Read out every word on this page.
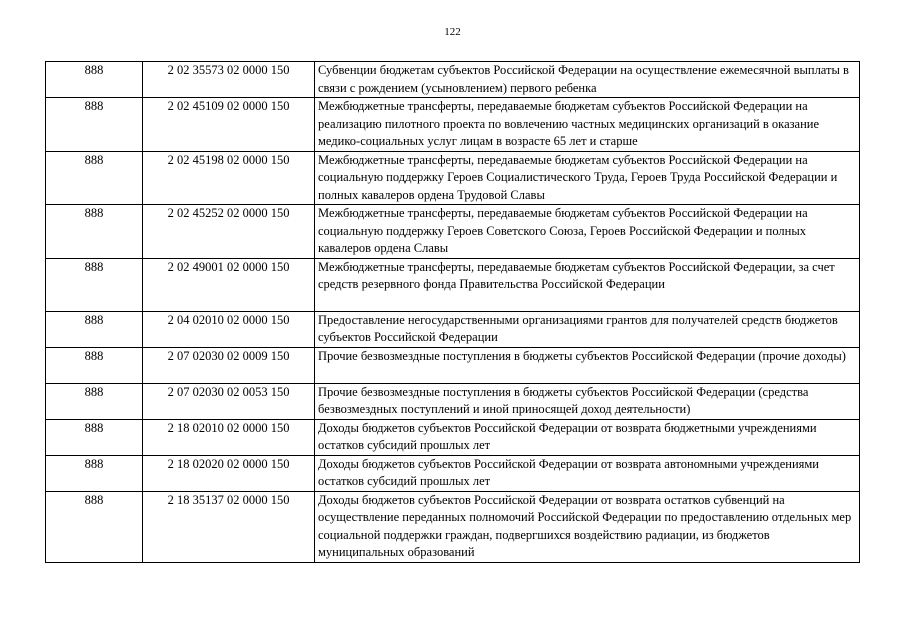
122
888	2 02 35573 02 0000 150	Субвенции бюджетам субъектов Российской Федерации на осуществление ежемесячной выплаты в связи с рождением (усыновлением) первого ребенка
888	2 02 45109 02 0000 150	Межбюджетные трансферты, передаваемые бюджетам субъектов Российской Федерации на реализацию пилотного проекта по вовлечению частных медицинских организаций в оказание медико-социальных услуг лицам в возрасте 65 лет и старше
888	2 02 45198 02 0000 150	Межбюджетные трансферты, передаваемые бюджетам субъектов Российской Федерации на социальную поддержку Героев Социалистического Труда, Героев Труда Российской Федерации и полных кавалеров ордена Трудовой Славы
888	2 02 45252 02 0000 150	Межбюджетные трансферты, передаваемые бюджетам субъектов Российской Федерации на социальную поддержку Героев Советского Союза, Героев Российской Федерации и полных кавалеров ордена Славы
888	2 02 49001 02 0000 150	Межбюджетные трансферты, передаваемые бюджетам субъектов Российской Федерации, за счет средств резервного фонда Правительства Российской Федерации
888	2 04 02010 02 0000 150	Предоставление негосударственными организациями грантов для получателей средств бюджетов субъектов Российской Федерации
888	2 07 02030 02 0009 150	Прочие безвозмездные поступления в бюджеты субъектов Российской Федерации (прочие доходы)
888	2 07 02030 02 0053 150	Прочие безвозмездные поступления в бюджеты субъектов Российской Федерации (средства безвозмездных поступлений и иной приносящей доход деятельности)
888	2 18 02010 02 0000 150	Доходы бюджетов субъектов Российской Федерации от возврата бюджетными учреждениями остатков субсидий прошлых лет
888	2 18 02020 02 0000 150	Доходы бюджетов субъектов Российской Федерации от возврата автономными учреждениями остатков субсидий прошлых лет
888	2 18 35137 02 0000 150	Доходы бюджетов субъектов Российской Федерации от возврата остатков субвенций на осуществление переданных полномочий Российской Федерации по предоставлению отдельных мер социальной поддержки граждан, подвергшихся воздействию радиации, из бюджетов муниципальных образований
